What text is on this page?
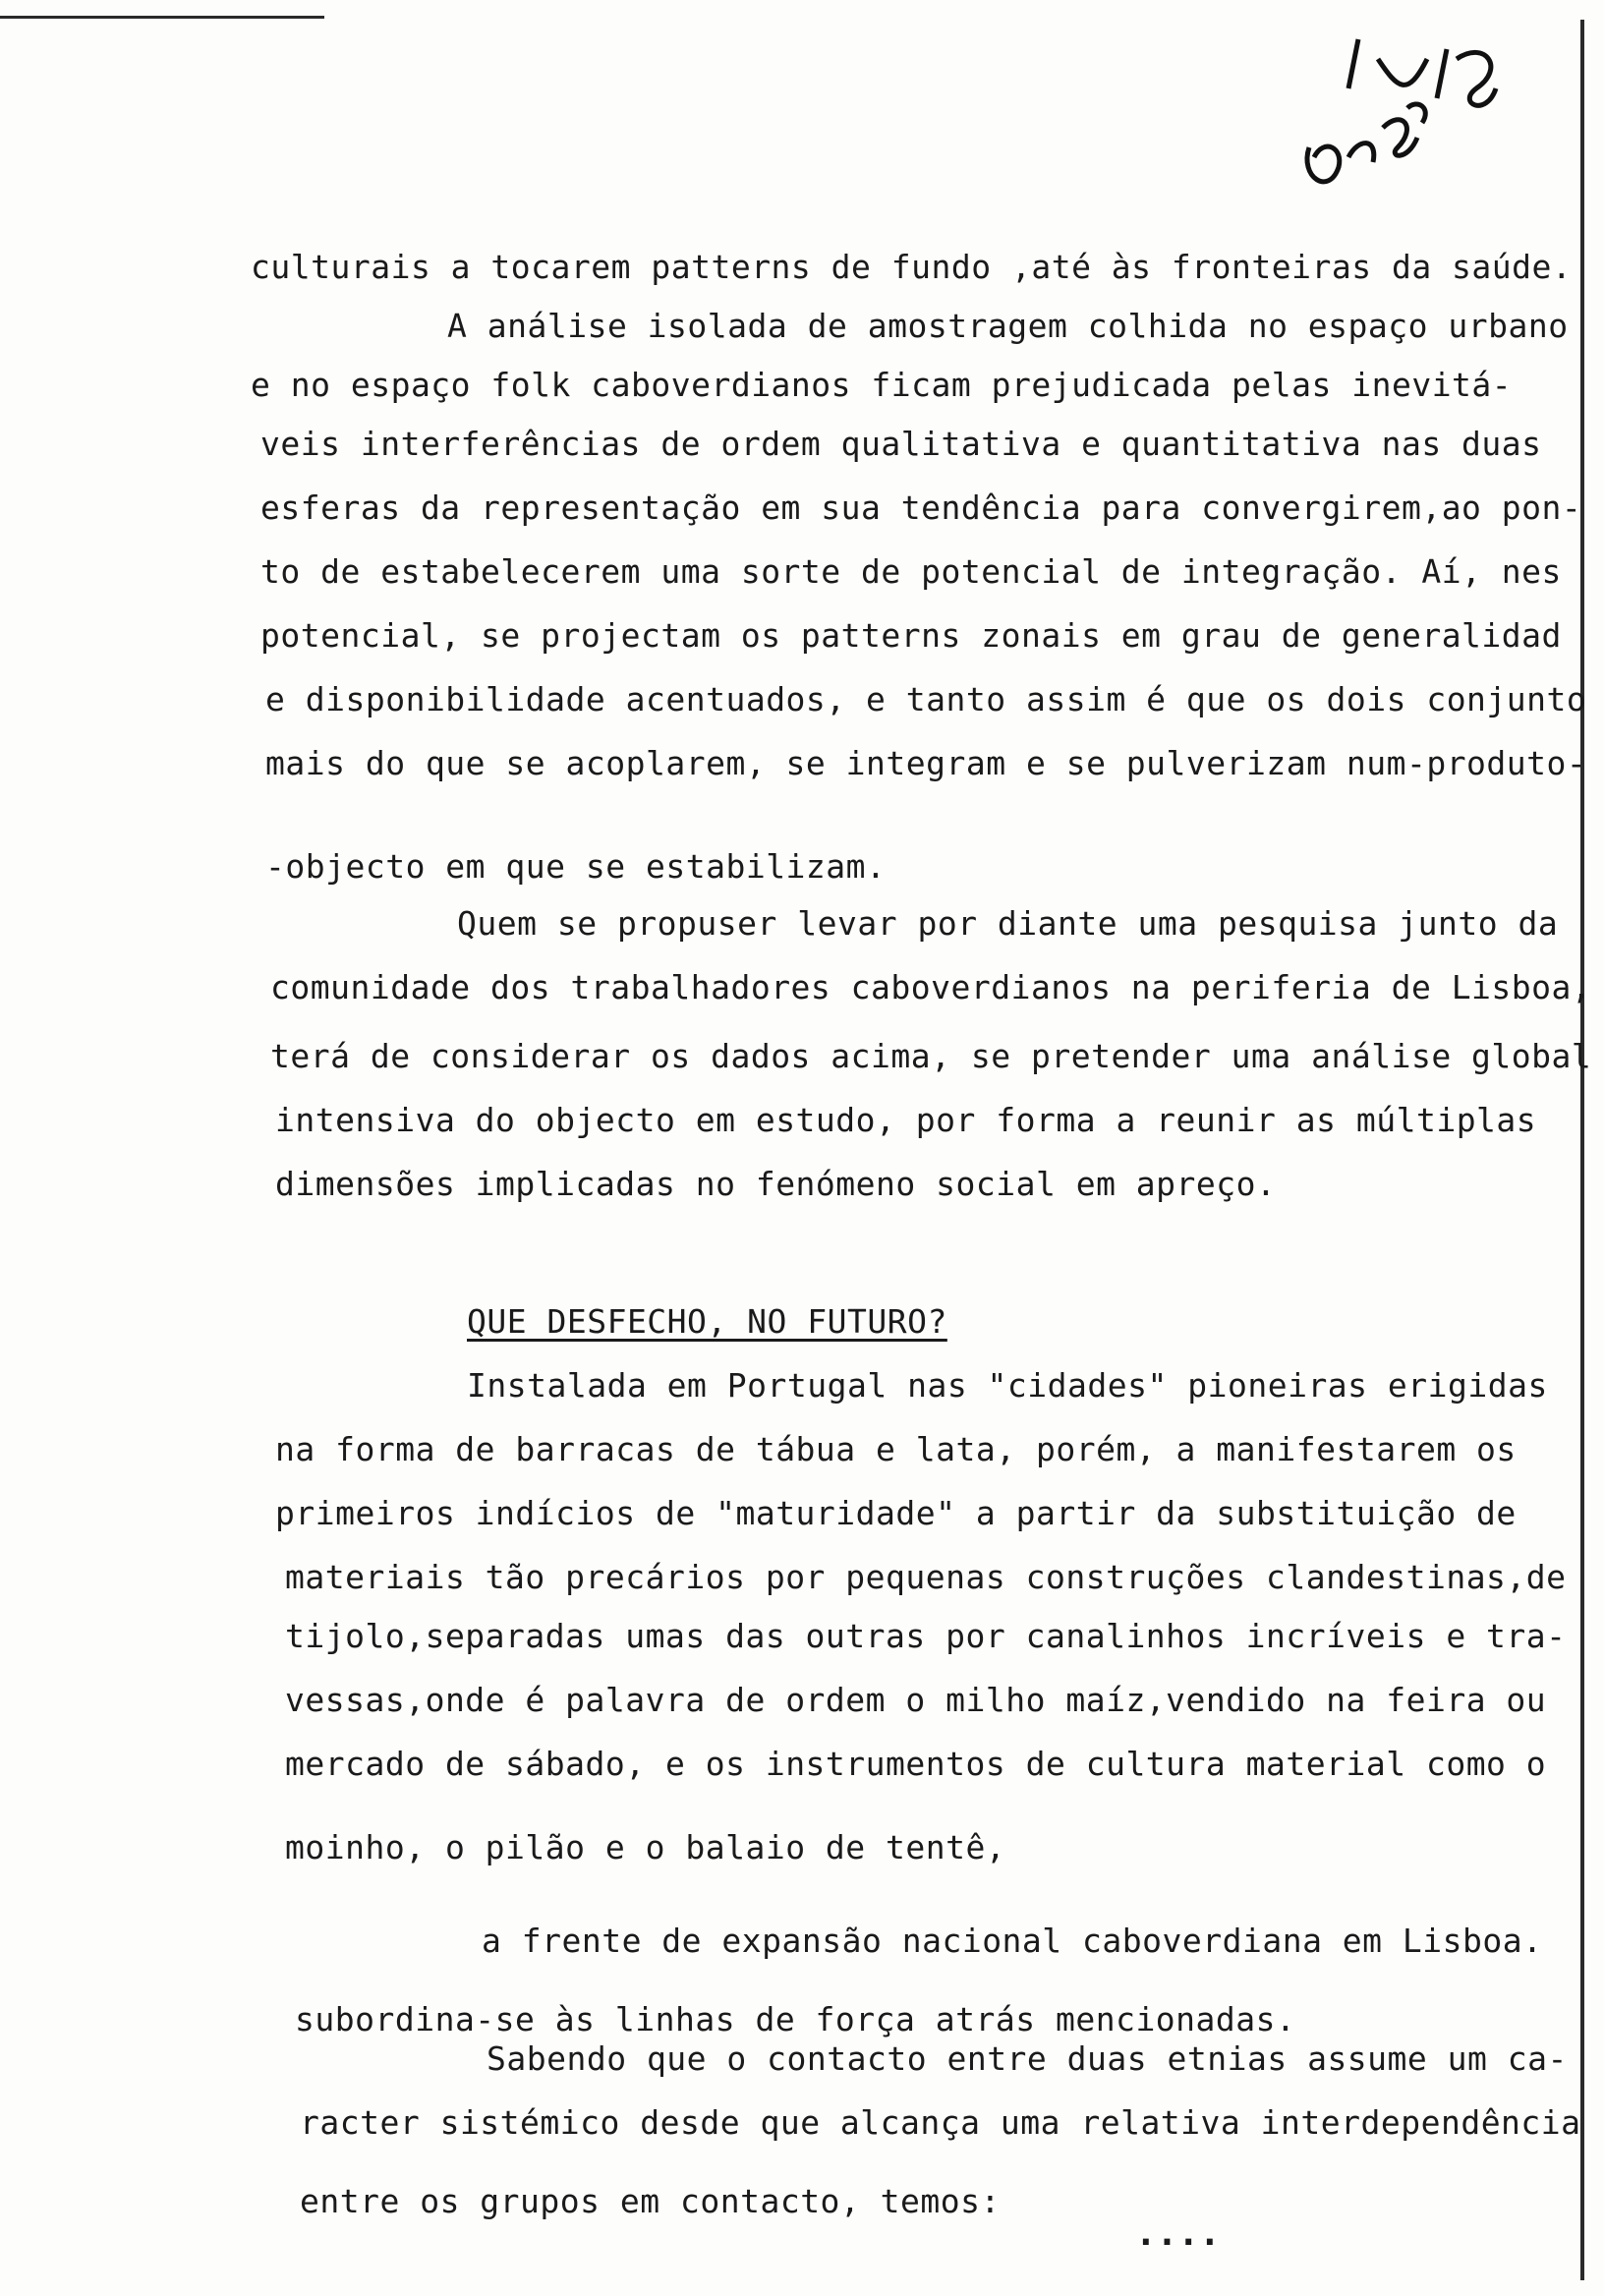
culturais a tocarem patterns de fundo ,até às fronteiras da saúde.
A análise isolada de amostragem colhida no espaço urbano
e no espaço folk caboverdianos ficam prejudicada pelas inevitá-
veis interferências de ordem qualitativa e quantitativa nas duas
esferas da representação em sua tendência para convergirem,ao pon-
to de estabelecerem uma sorte de potencial de integração. Aí, nes
potencial, se projectam os patterns zonais em grau de generalidad
e disponibilidade acentuados, e tanto assim é que os dois conjunto
mais do que se acoplarem, se integram e se pulverizam num-produto-
-objecto em que se estabilizam.
Quem se propuser levar por diante uma pesquisa junto da
comunidade dos trabalhadores caboverdianos na periferia de Lisboa,
terá de considerar os dados acima, se pretender uma análise global
intensiva do objecto em estudo, por forma a reunir as múltiplas
dimensões implicadas no fenómeno social em apreço.
QUE DESFECHO, NO FUTURO?
Instalada em Portugal nas "cidades" pioneiras erigidas
na forma de barracas de tábua e lata, porém, a manifestarem os
primeiros indícios de "maturidade" a partir da substituição de
materiais tão precários por pequenas construções clandestinas,de
tijolo,separadas umas das outras por canalinhos incríveis e tra-
vessas,onde é palavra de ordem o milho maíz,vendido na feira ou
mercado de sábado, e os instrumentos de cultura material como o
moinho, o pilão e o balaio de tentê,
a frente de expansão nacional caboverdiana em Lisboa.
subordina-se às linhas de força atrás mencionadas.
Sabendo que o contacto entre duas etnias assume um ca-
racter sistémico desde que alcança uma relativa interdependência
entre os grupos em contacto, temos:
....
